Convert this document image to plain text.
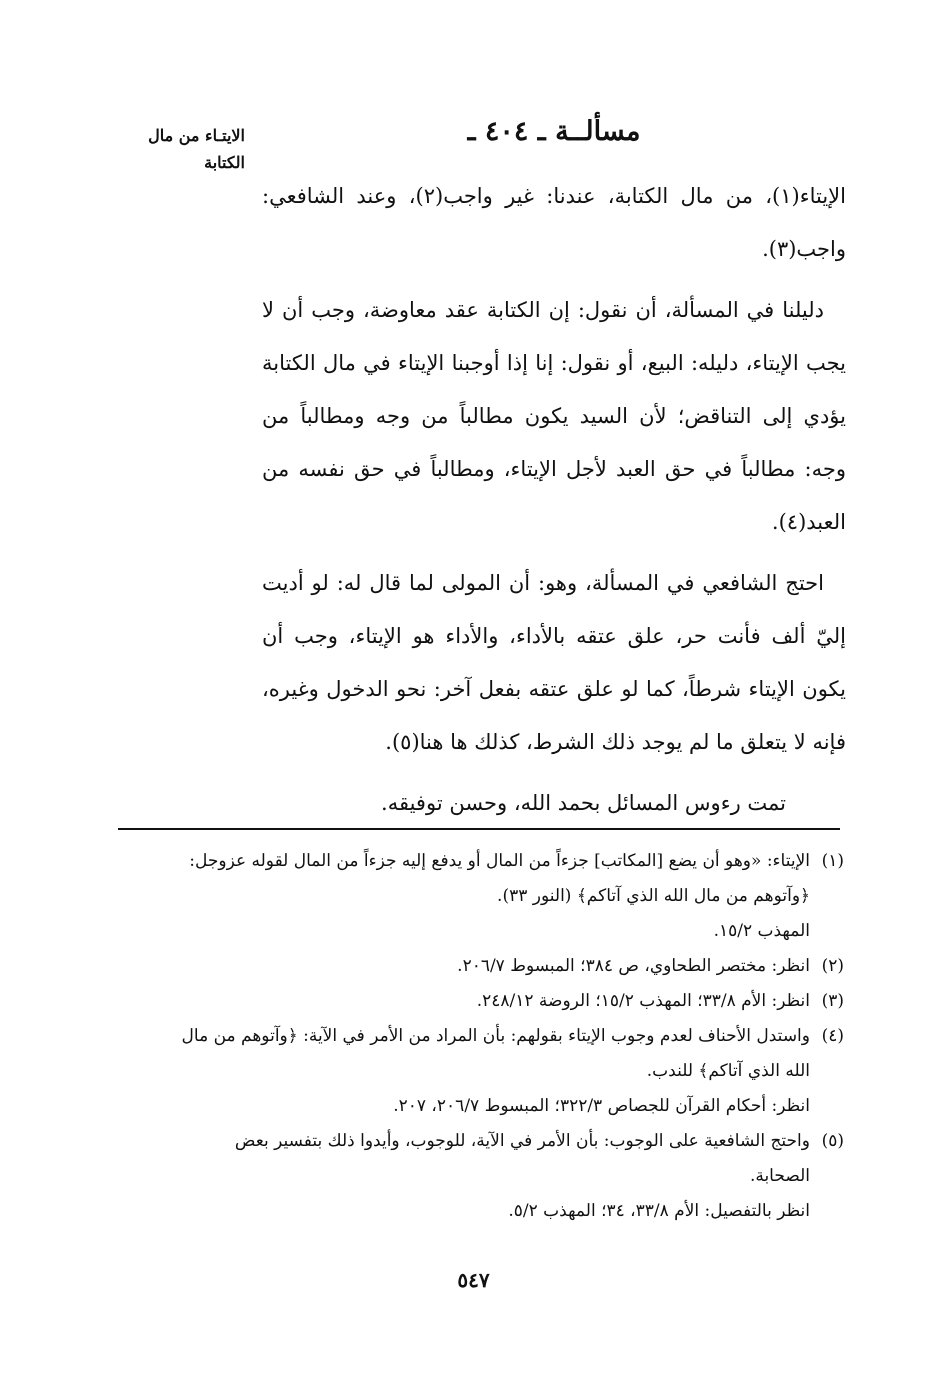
الايتـاء من مال
الكتابة
مسألــة ـ ٤٠٤ ـ

الإيتاء(١)، من مال الكتابة، عندنا: غير واجب(٢)، وعند الشافعي: واجب(٣).

دليلنا في المسألة، أن نقول: إن الكتابة عقد معاوضة، وجب أن لا يجب الإيتاء، دليله: البيع، أو نقول: إنا إذا أوجبنا الإيتاء في مال الكتابة يؤدي إلى التناقض؛ لأن السيد يكون مطالباً من وجه ومطالباً من وجه: مطالباً في حق العبد لأجل الإيتاء، ومطالباً في حق نفسه من العبد(٤).

احتج الشافعي في المسألة، وهو: أن المولى لما قال له: لو أديت إليّ ألف فأنت حر، علق عتقه بالأداء، والأداء هو الإيتاء، وجب أن يكون الإيتاء شرطاً، كما لو علق عتقه بفعل آخر: نحو الدخول وغيره، فإنه لا يتعلق ما لم يوجد ذلك الشرط، كذلك ها هنا(٥).

تمت رءوس المسائل بحمد الله، وحسن توفيقه.

(١)
الإيتاء: «وهو أن يضع [المكاتب] جزءاً من المال أو يدفع إليه جزءاً من المال لقوله عزوجل:
﴿وآتوهم من مال الله الذي آتاكم﴾ (النور ٣٣).
المهذب ١٥/٢.
(٢)
انظر: مختصر الطحاوي، ص ٣٨٤؛ المبسوط ٢٠٦/٧.
(٣)
انظر: الأم ٣٣/٨؛ المهذب ١٥/٢؛ الروضة ٢٤٨/١٢.
(٤)
واستدل الأحناف لعدم وجوب الإيتاء بقولهم: بأن المراد من الأمر في الآية: ﴿وآتوهم من مال
الله الذي آتاكم﴾ للندب.
انظر: أحكام القرآن للجصاص ٣٢٢/٣؛ المبسوط ٢٠٦/٧، ٢٠٧.
(٥)
واحتج الشافعية على الوجوب: بأن الأمر في الآية، للوجوب، وأيدوا ذلك بتفسير بعض
الصحابة.
انظر بالتفصيل: الأم ٣٣/٨، ٣٤؛ المهذب ٥/٢.
٥٤٧
